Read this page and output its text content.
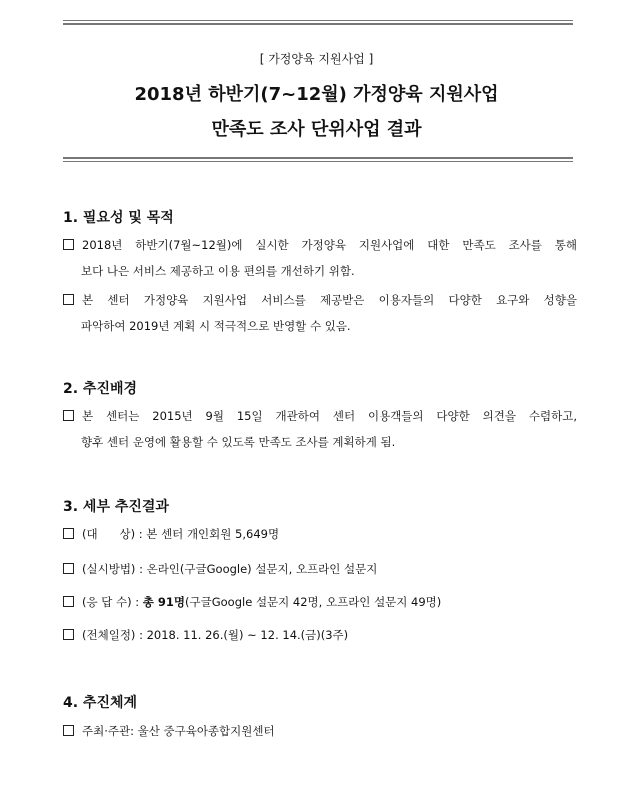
[ 가정양육 지원사업 ]
2018년 하반기(7~12월) 가정양육 지원사업
만족도 조사 단위사업 결과
1. 필요성 및 목적
2018년 하반기(7월~12월)에 실시한 가정양육 지원사업에 대한 만족도 조사를 통해
보다 나은 서비스 제공하고 이용 편의를 개선하기 위함.
본 센터 가정양육 지원사업 서비스를 제공받은 이용자들의 다양한 요구와 성향을
파악하여 2019년 계획 시 적극적으로 반영할 수 있음.
2. 추진배경
본 센터는 2015년 9월 15일 개관하여 센터 이용객들의 다양한 의견을 수렴하고,
향후 센터 운영에 활용할 수 있도록 만족도 조사를 계획하게 됨.
3. 세부 추진결과
(대      상) : 본 센터 개인회원 5,649명
(실시방법) : 온라인(구글Google) 설문지, 오프라인 설문지
(응 답 수) : 총 91명(구글Google 설문지 42명, 오프라인 설문지 49명)
(전체일정) : 2018. 11. 26.(월) ~ 12. 14.(금)(3주)
4. 추진체계
주최·주관: 울산 중구육아종합지원센터
